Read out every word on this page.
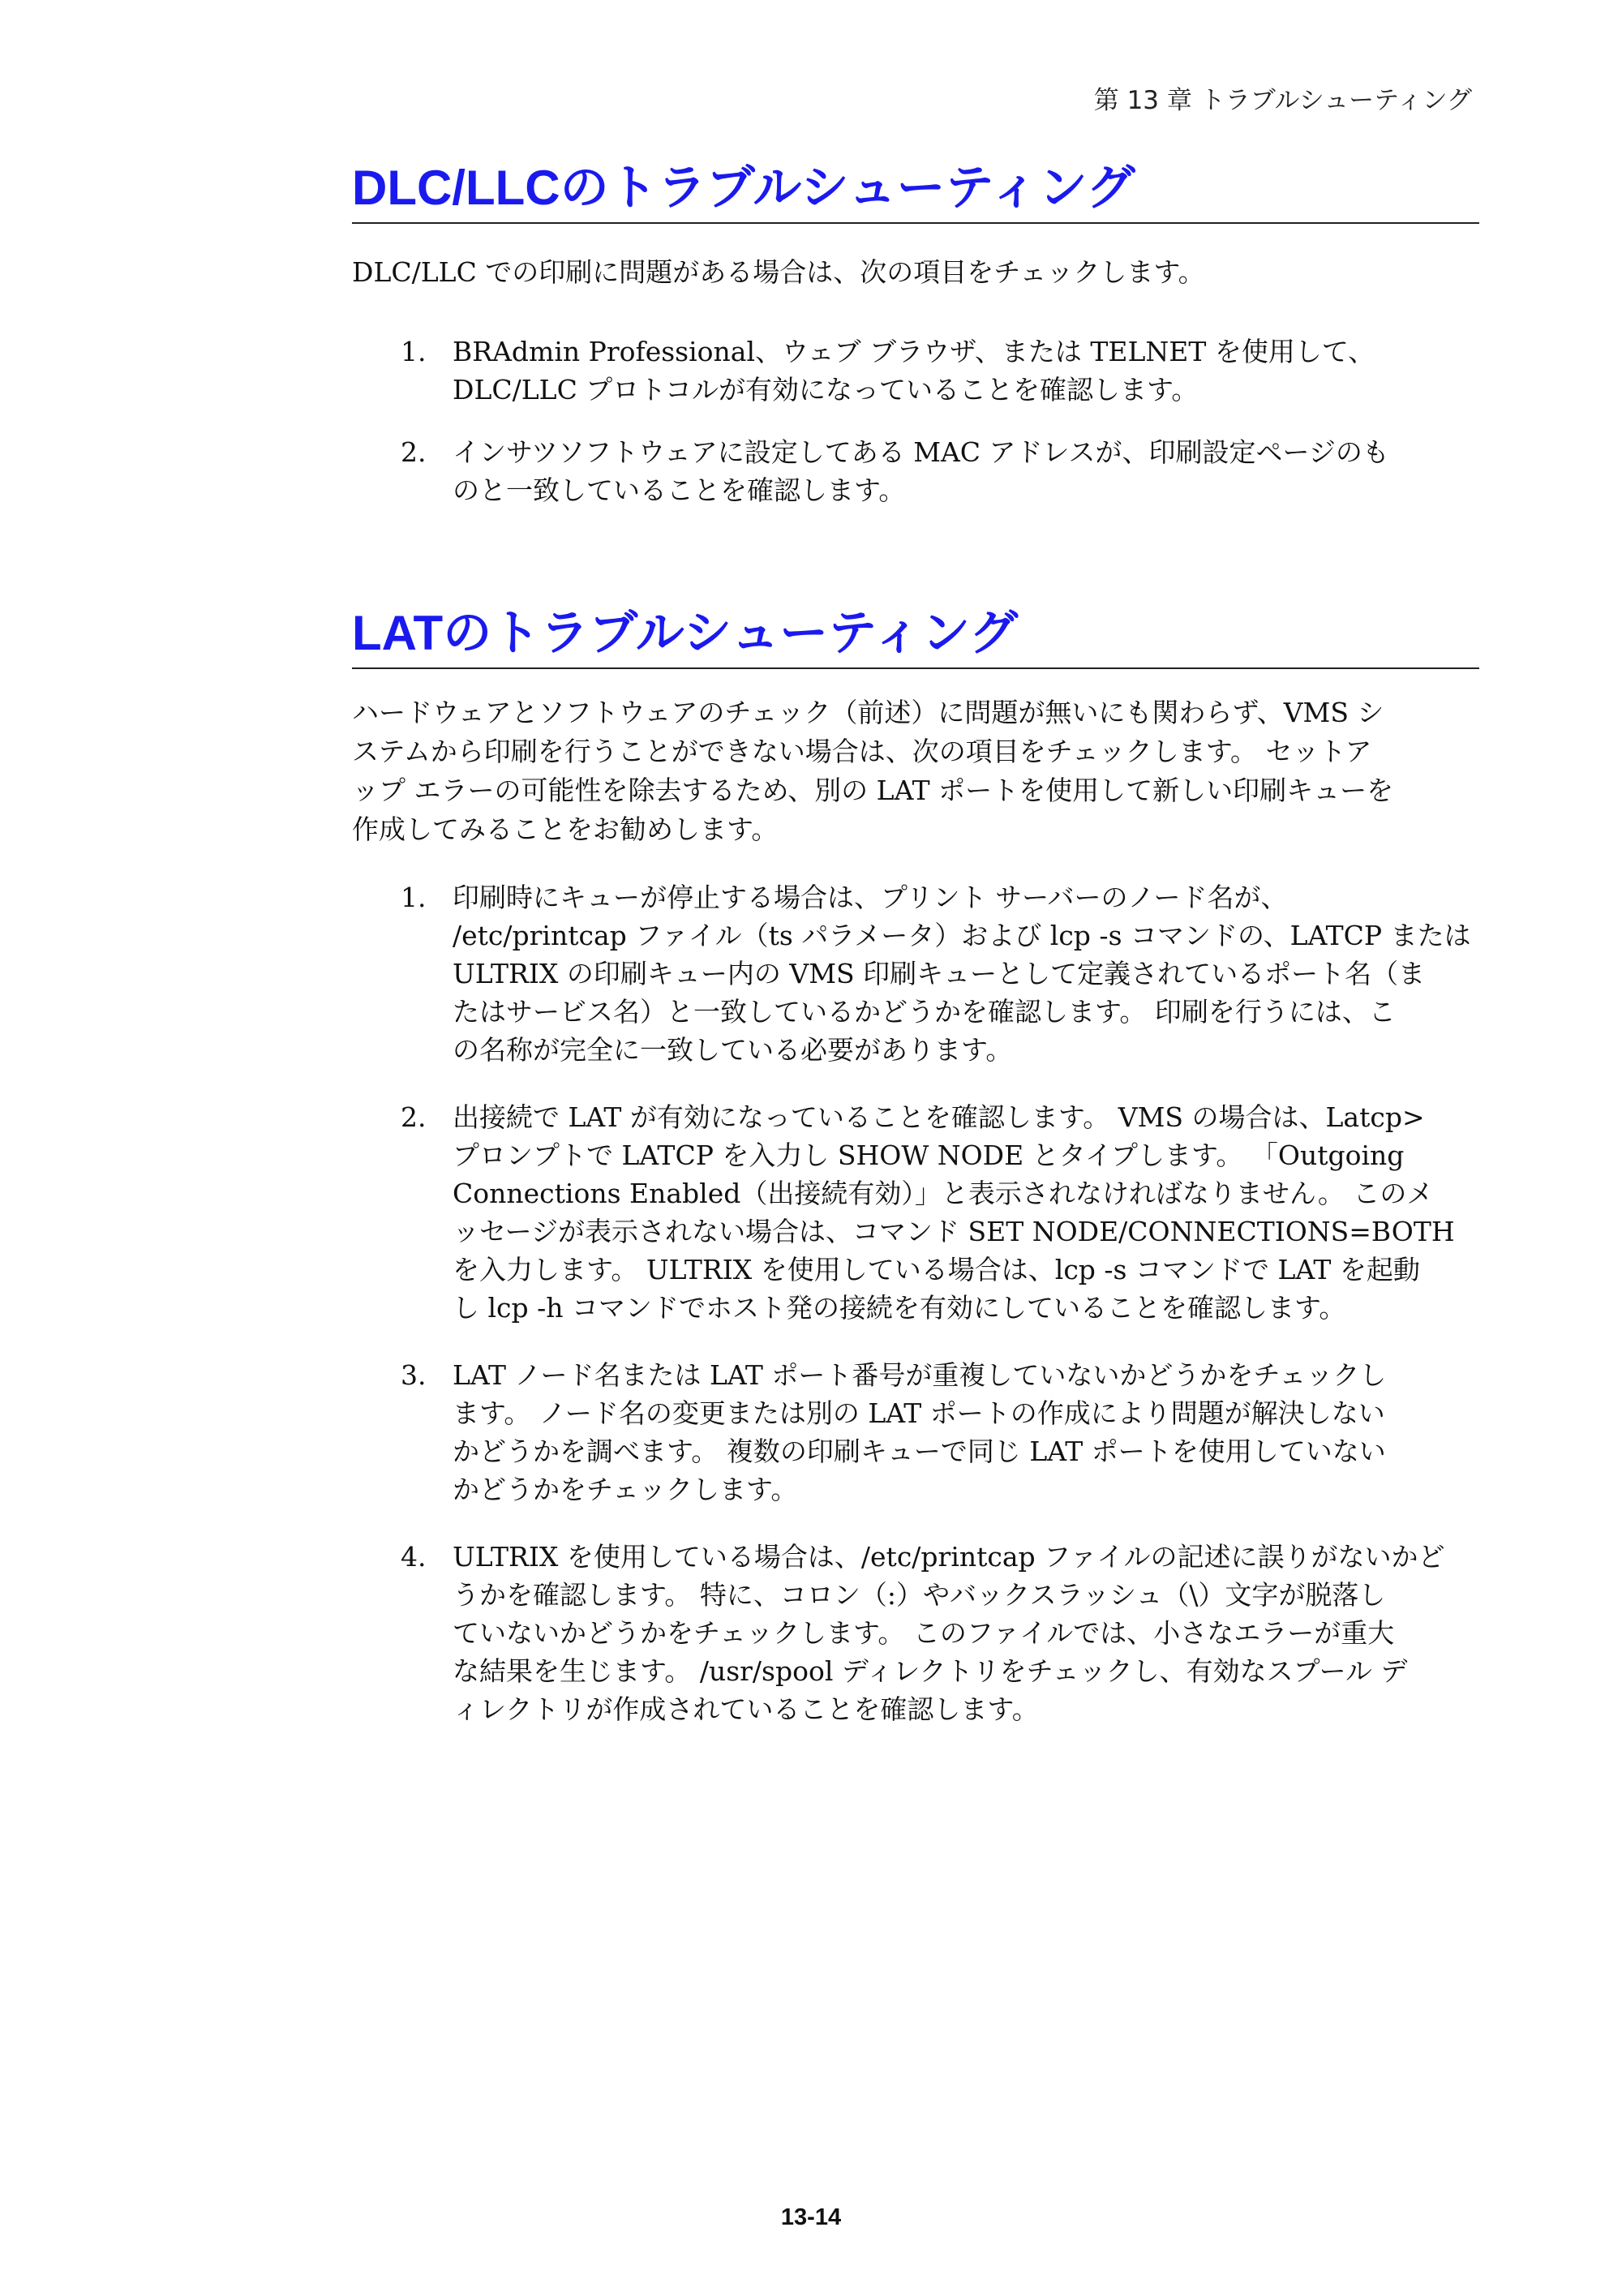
第 13 章 トラブルシューティング
DLC/LLCのトラブルシューティング

DLC/LLC での印刷に問題がある場合は、次の項目をチェックします。

1. BRAdmin Professional、ウェブ ブラウザ、または TELNET を使用して、
DLC/LLC プロトコルが有効になっていることを確認します。
2. インサツソフトウェアに設定してある MAC アドレスが、印刷設定ページのも
のと一致していることを確認します。
LATのトラブルシューティング
ハードウェアとソフトウェアのチェック（前述）に問題が無いにも関わらず、VMS シ
ステムから印刷を行うことができない場合は、次の項目をチェックします。 セットア
ップ エラーの可能性を除去するため、別の LAT ポートを使用して新しい印刷キューを
作成してみることをお勧めします。
1. 印刷時にキューが停止する場合は、プリント サーバーのノード名が、
/etc/printcap ファイル（ts パラメータ）および lcp -s コマンドの、LATCP または
ULTRIX の印刷キュー内の VMS 印刷キューとして定義されているポート名（ま
たはサービス名）と一致しているかどうかを確認します。 印刷を行うには、こ
の名称が完全に一致している必要があります。
2. 出接続で LAT が有効になっていることを確認します。 VMS の場合は、Latcp>
プロンプトで LATCP を入力し SHOW NODE とタイプします。 「Outgoing
Connections Enabled（出接続有効）」と表示されなければなりません。 このメ
ッセージが表示されない場合は、コマンド SET NODE/CONNECTIONS=BOTH
を入力します。 ULTRIX を使用している場合は、lcp -s コマンドで LAT を起動
し lcp -h コマンドでホスト発の接続を有効にしていることを確認します。
3. LAT ノード名または LAT ポート番号が重複していないかどうかをチェックし
ます。 ノード名の変更または別の LAT ポートの作成により問題が解決しない
かどうかを調べます。 複数の印刷キューで同じ LAT ポートを使用していない
かどうかをチェックします。
4. ULTRIX を使用している場合は、/etc/printcap ファイルの記述に誤りがないかど
うかを確認します。 特に、コロン（:）やバックスラッシュ（\）文字が脱落し
ていないかどうかをチェックします。 このファイルでは、小さなエラーが重大
な結果を生じます。 /usr/spool ディレクトリをチェックし、有効なスプール デ
ィレクトリが作成されていることを確認します。
13-14
